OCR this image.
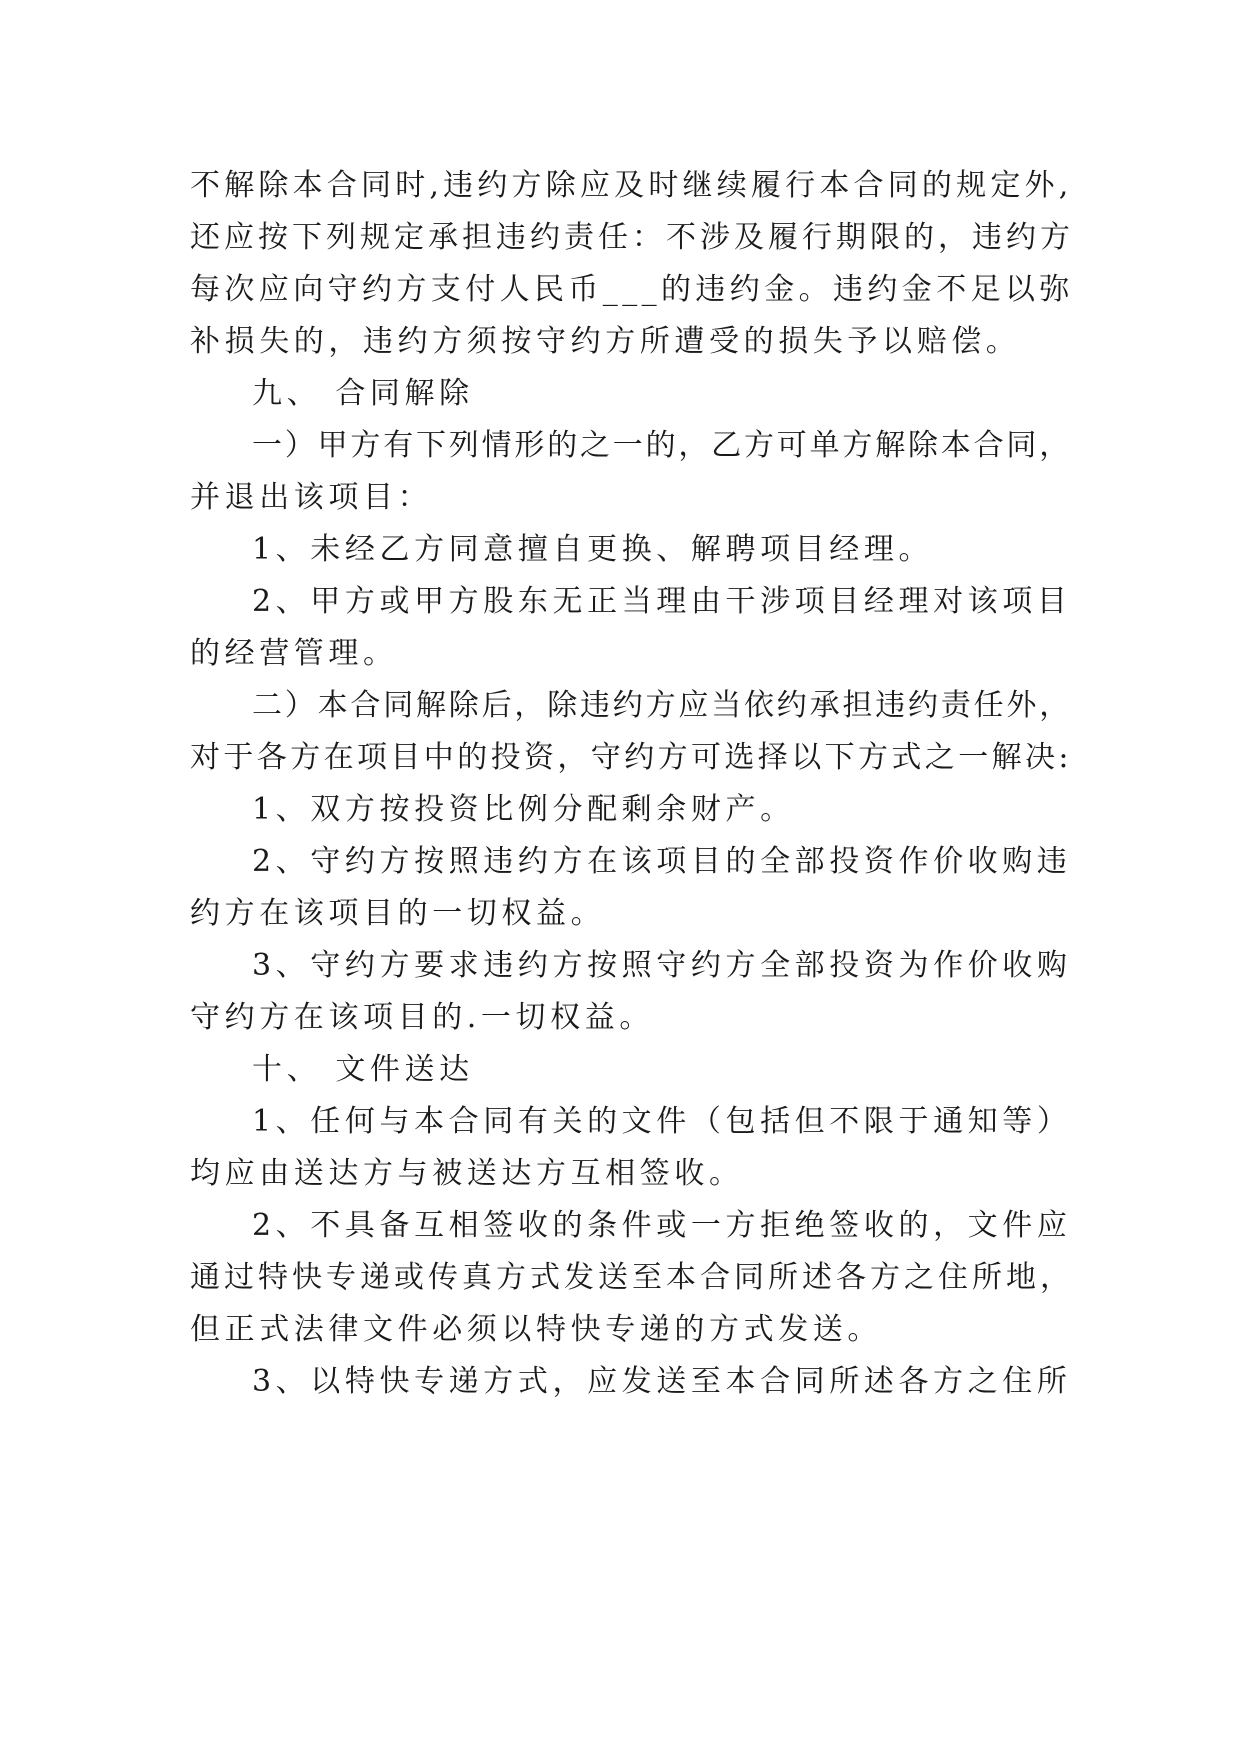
不解除本合同时,违约方除应及时继续履行本合同的规定外,
还应按下列规定承担违约责任：不涉及履行期限的，违约方
每次应向守约方支付人民币___的违约金。违约金不足以弥
补损失的，违约方须按守约方所遭受的损失予以赔偿。
九、 合同解除
一）甲方有下列情形的之一的，乙方可单方解除本合同，
并退出该项目：
1、未经乙方同意擅自更换、解聘项目经理。
2、甲方或甲方股东无正当理由干涉项目经理对该项目
的经营管理。
二）本合同解除后，除违约方应当依约承担违约责任外，
对于各方在项目中的投资，守约方可选择以下方式之一解决:
1、双方按投资比例分配剩余财产。
2、守约方按照违约方在该项目的全部投资作价收购违
约方在该项目的一切权益。
3、守约方要求违约方按照守约方全部投资为作价收购
守约方在该项目的.一切权益。
十、 文件送达
1、任何与本合同有关的文件（包括但不限于通知等）
均应由送达方与被送达方互相签收。
2、不具备互相签收的条件或一方拒绝签收的，文件应
通过特快专递或传真方式发送至本合同所述各方之住所地，
但正式法律文件必须以特快专递的方式发送。
3、以特快专递方式，应发送至本合同所述各方之住所
